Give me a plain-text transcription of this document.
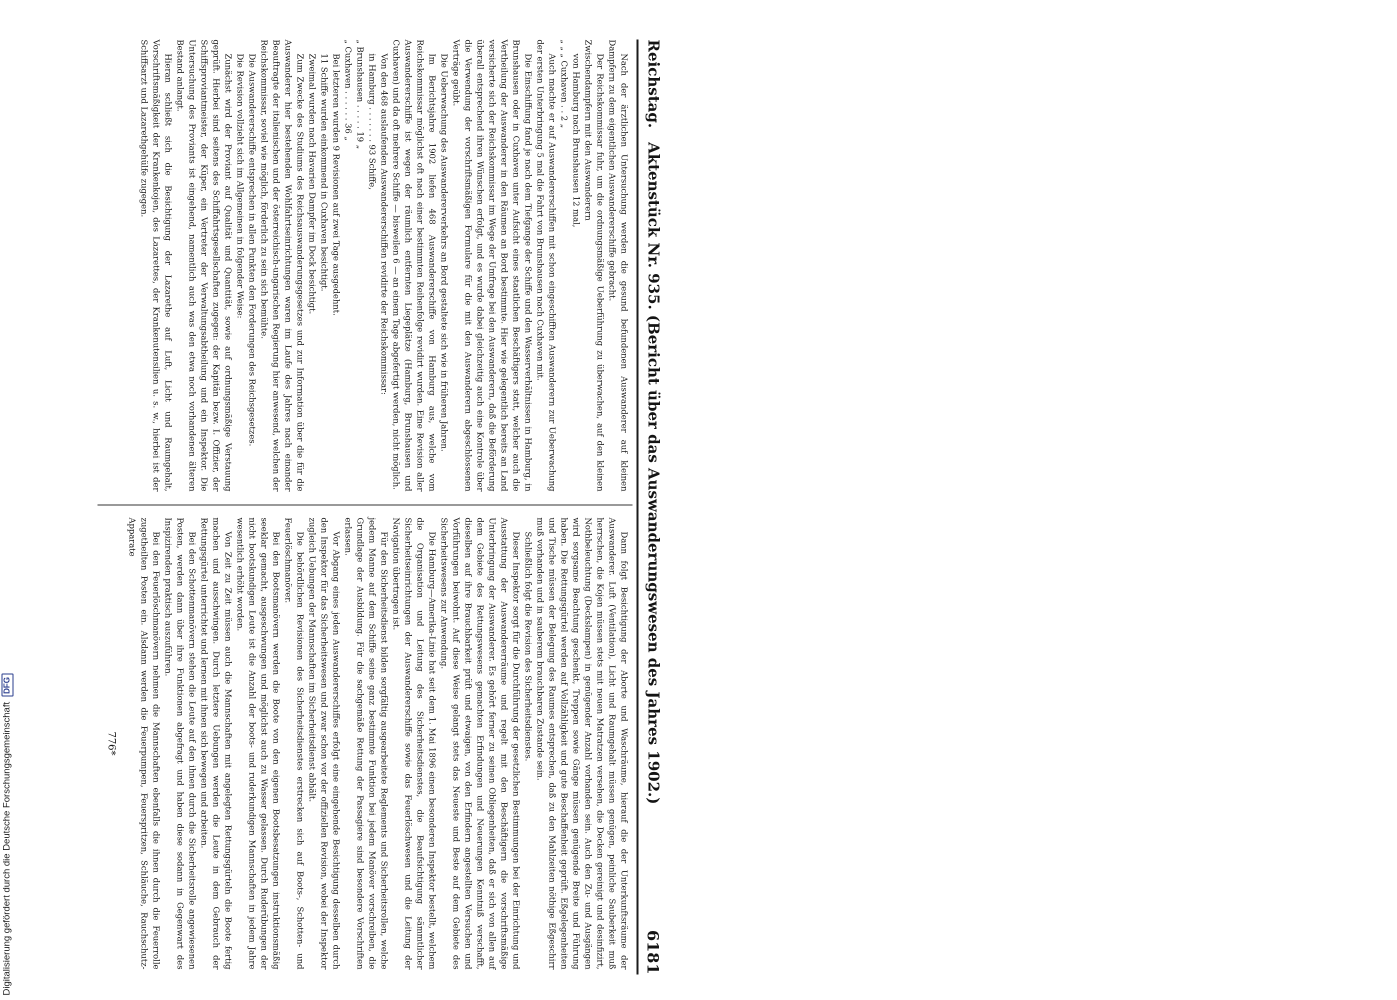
Reichstag.
Aktenstück Nr. 935. (Bericht über das Auswanderungswesen des Jahres 1902.)
6181

Nach der ärztlichen Untersuchung werden die gesund befundenen Auswanderer auf kleinen Dampfern zu dem eigentlichen Auswandererschiffe gebracht.

Der Reichskommissar fuhr, um die ordnungsmäßige Ueberführung zu überwachen, auf den kleinen Zwischendampfern mit den Auswanderern

von Hamburg nach Brunshausen 12 mal,
„ „ „ Cuxhaven . . 2 „

Auch machte er auf Auswandererschiffen mit schon eingeschifften Auswanderern zur Ueberwachung der ersten Unterbringung 5 mal die Fahrt von Brunshausen nach Cuxhaven mit.

Die Einschiffung fand je nach dem Tiefgange der Schiffe und den Wasserverhältnissen in Hamburg, in Brunshausen oder in Cuxhaven unter Aufsicht eines staatlichen Beschäftigers statt, welcher auch die Vertheilung der Auswanderer in den Räumen an Bord bestimmte. Hier wie gelegentlich bereits an Land versicherte sich der Reichskommissar im Wege der Umfrage bei den Auswanderern, daß die Beförderung überall entsprechend ihren Wünschen erfolgt, und es wurde dabei gleichzeitig auch eine Kontrole über die Verwendung der vorschriftsmäßigen Formulare für die mit den Auswanderern abgeschlossenen Verträge geübt.

Die Ueberwachung des Auswandererverkehrs an Bord gestaltete sich wie in früheren Jahren.

Im Berichtsjahre 1902 liefen 468 Auswandererschiffe von Hamburg aus, welche vom Reichskommissar möglichst oft nach einer bestimmten Reihenfolge revidirt wurden. Eine Revision aller Auswandererschiffe ist wegen der räumlich entfernten Liegeplätze (Hamburg, Brunshausen und Cuxhaven) und da oft mehrere Schiffe — bisweilen 6 — an einem Tage abgefertigt werden, nicht möglich.

Von den 468 auslaufenden Auswandererschiffen revidirte der Reichskommissar:

in Hamburg . . . . . . . 93 Schiffe,
„ Brunshausen . . . . . 19 „
„ Cuxhaven . . . . . . 36 „

Bei letzteren wurden 9 Revisionen auf zwei Tage ausgedehnt.

11 Schiffe wurden einkommend in Cuxhaven besichtigt.

Zweimal wurden nach Havarien Dampfer im Dock besichtigt.

Zum Zwecke des Studiums des Reichsauswanderungsgesetzes und zur Information über die für die Auswanderer hier bestehenden Wohlfahrtseinrichtungen waren im Laufe des Jahres nach einander Beauftragte der italienischen und der österreichisch-ungarischen Regierung hier anwesend, welchen der Reichskommissar, soviel wie möglich, förderlich zu sein sich bemühte.

Die Auswandererschiffe entsprechen in allen Punkten den Forderungen des Reichsgesetzes.

Die Revision vollzieht sich im Allgemeinen in folgender Weise:

Zunächst wird der Proviant auf Qualität und Quantität, sowie auf ordnungsmäßige Verstauung geprüft. Hierbei sind seitens des Schiffahrtsgesellschaften zugegen: der Kapitän bezw. I. Offizier, der Schiffsproviantmeister, der Küper, ein Vertreter der Verwaltungsabtheilung und ein Inspektor. Die Untersuchung des Proviants ist eingehend, namentlich auch was den etwa noch vorhandenen älteren Bestand anlangt.

Hieran schließt sich die Besichtigung der Lazarethe auf Luft, Licht und Raumgehalt, Vorschriftsmäßigkeit der Krankenkojen, des Lazarettes, der Krankenutensilien u. s. w., hierbei ist der Schiffsarzt und Lazarethgehülfe zugegen.

Dann folgt Besichtigung der Aborte und Waschräume, hierauf die der Unterkunftsräume der Auswanderer. Luft (Ventilation), Licht und Raumgehalt müssen genügen, peinliche Sauberkeit muß herrschen, die Kojen müssen stets mit neuen Matratzen versehen, die Decken gereinigt und desinfizirt, Nothbeleuchtung (Deckslampen) in genügender Anzahl vorhanden sein. Auch den Zu- und Ausgängen wird sorgsame Beachtung geschenkt, Treppen sowie Gänge müssen genügende Breite und Führung haben. Die Rettungsgürtel werden auf Vollzähligkeit und gute Beschaffenheit geprüft. Eßgelegenheiten und Tische müssen der Belegung des Raumes entsprechen, daß zu den Mahlzeiten nöthige Eßgeschirr muß vorhanden und in sauberem brauchbaren Zustande sein.

Schließlich folgt die Revision des Sicherheitsdienstes.

Dieser Inspektor sorgt für die Durchführung der gesetzlichen Bestimmungen bei der Einrichtung und Ausstattung der Auswandererräume und regelt mit den Beschäftigern die vorschriftsmäßige Unterbringung der Auswanderer. Es gehört ferner zu seinen Obliegenheiten, daß er sich von allen auf dem Gebiete des Rettungswesens gemachten Erfindungen und Neuerungen Kenntniß verschafft, dieselben auf ihre Brauchbarkeit prüft und etwaigen, von den Erfindern angestellten Versuchen und Vorführungen beiwohnt. Auf diese Weise gelangt stets das Neueste und Beste auf dem Gebiete des Sicherheitswesens zur Anwendung.

Die Hamburg—Amerika-Linie hat seit dem 1. Mai 1896 einen besonderen Inspektor bestellt, welchem die Organisation und Leitung des Sicherheitsdienstes, die Beaufsichtigung sämmtlicher Sicherheitseinrichtungen der Auswandererschiffe sowie das Feuerlöschwesen und die Leitung der Navigation übertragen ist.

Für den Sicherheitsdienst bilden sorgfältig ausgearbeitete Reglements und Sicherheitsrollen, welche jedem Manne auf dem Schiffe seine ganz bestimmte Funktion bei jedem Manöver vorschreiben, die Grundlage der Ausbildung. Für die sachgemäße Rettung der Passagiere sind besondere Vorschriften erlassen.

Vor Abgang eines jeden Auswandererschiffes erfolgt eine eingehende Besichtigung desselben durch den Inspektor für das Sicherheitswesen und zwar schon vor der offiziellen Revision, wobei der Inspektor zugleich Uebungen der Mannschaften im Sicherheitsdienst abhält.

Die behördlichen Revisionen des Sicherheitsdienstes erstrecken sich auf Boots-, Schotten- und Feuerlöschmanöver.

Bei den Bootsmanövern werden die Boote von den eigenen Bootsbesatzungen instruktionsmäßig seeklar gemacht, ausgeschwungen und möglichst auch zu Wasser gelassen. Durch Ruderübungen der nicht bootskundigen Leute ist die Anzahl der boots- und ruderkundigen Mannschaften in jedem Jahre wesentlich erhöht worden.

Von Zeit zu Zeit müssen auch die Mannschaften mit angelegten Rettungsgürteln die Boote fertig machen und ausschwingen. Durch letztere Uebungen werden die Leute in dem Gebrauch der Rettungsgürtel unterrichtet und lernen mit ihnen sich bewegen und arbeiten.

Bei den Schottenmanövern stehen die Leute auf den ihnen durch die Sicherheitsrolle angewiesenen Posten, werden dann über ihre Funktionen abgefragt und haben diese sodann in Gegenwart des Inspizirenden praktisch auszuführen.

Bei den Feuerlöschmanövern nehmen die Mannschaften ebenfalls die ihnen durch die Feuerrolle zugetheilten Posten ein. Alsdann werden die Feuerpumpen, Feuerspritzen, Schläuche, Rauchschutz-Apparate

776*
Digitalisierung gefördert durch die Deutsche Forschungsgemeinschaft
DFG
